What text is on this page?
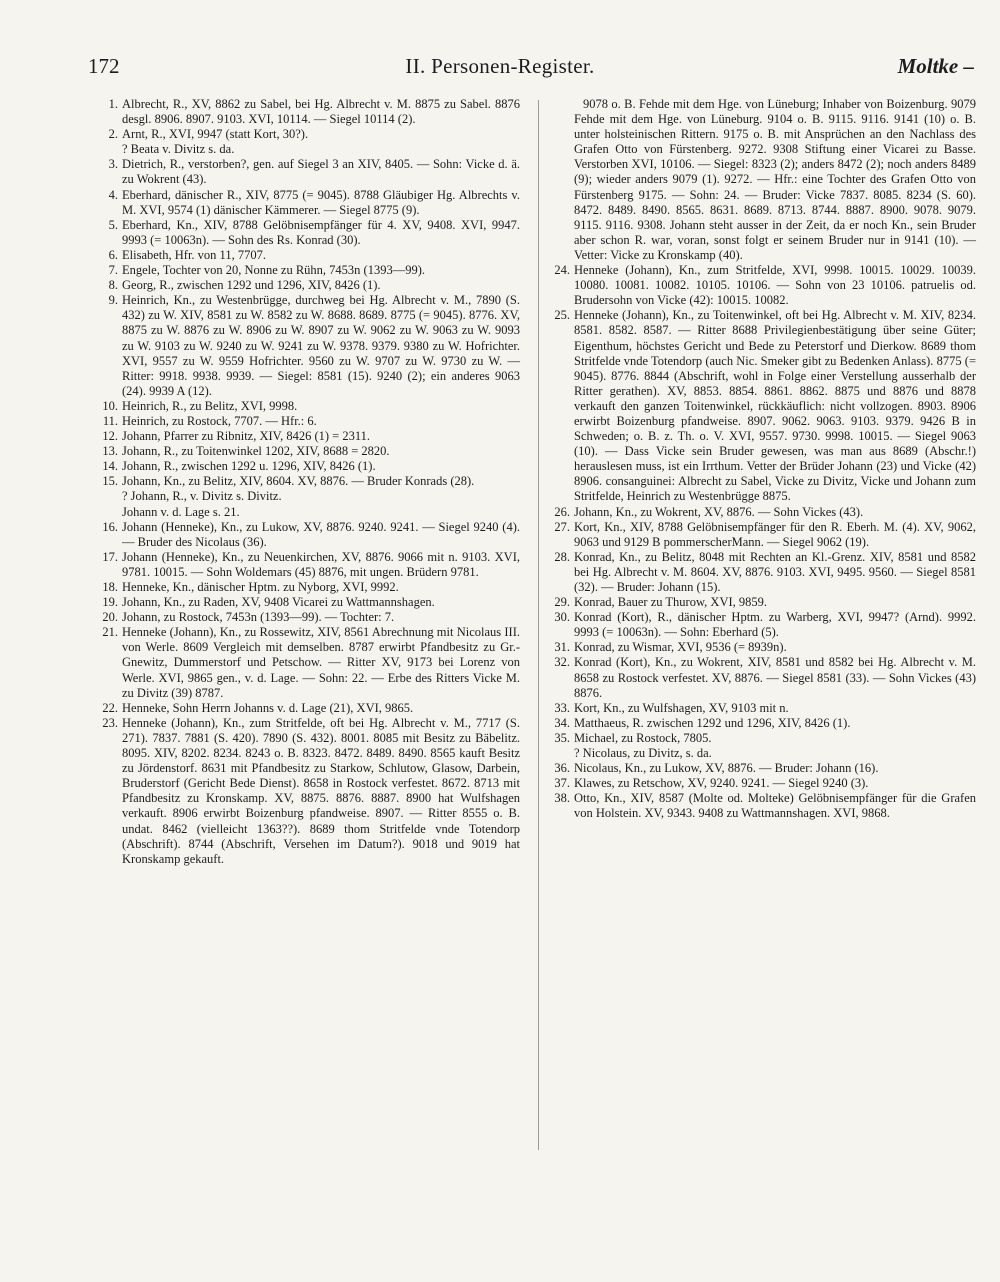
172	II. Personen-Register.	Moltke –
1. Albrecht, R., XV, 8862 zu Sabel, bei Hg. Albrecht v. M. 8875 zu Sabel. 8876 desgl. 8906. 8907. 9103. XVI, 10114. — Siegel 10114 (2).
2. Arnt, R., XVI, 9947 (statt Kort, 30?).
? Beata v. Divitz s. da.
3. Dietrich, R., verstorben?, gen. auf Siegel 3 an XIV, 8405. — Sohn: Vicke d. ä. zu Wokrent (43).
4. Eberhard, dänischer R., XIV, 8775 (= 9045). 8788 Gläubiger Hg. Albrechts v. M. XVI, 9574 (1) dänischer Kämmerer. — Siegel 8775 (9).
5. Eberhard, Kn., XIV, 8788 Gelöbnisempfänger für 4. XV, 9408. XVI, 9947. 9993 (= 10063n). — Sohn des Rs. Konrad (30).
6. Elisabeth, Hfr. von 11, 7707.
7. Engele, Tochter von 20, Nonne zu Rühn, 7453n (1393—99).
8. Georg, R., zwischen 1292 und 1296, XIV, 8426 (1).
9. Heinrich, Kn., zu Westenbrügge, durchweg bei Hg. Albrecht v. M., 7890 (S. 432) zu W. XIV, 8581 zu W. 8582 zu W. 8688. 8689. 8775 (= 9045). 8776. XV, 8875 zu W. 8876 zu W. 8906 zu W. 8907 zu W. 9062 zu W. 9063 zu W. 9093 zu W. 9103 zu W. 9240 zu W. 9241 zu W. 9378. 9379. 9380 zu W. Hofrichter. XVI, 9557 zu W. 9559 Hofrichter. 9560 zu W. 9707 zu W. 9730 zu W. — Ritter: 9918. 9938. 9939. — Siegel: 8581 (15). 9240 (2); ein anderes 9063 (24). 9939 A (12).
10. Heinrich, R., zu Belitz, XVI, 9998.
11. Heinrich, zu Rostock, 7707. — Hfr.: 6.
12. Johann, Pfarrer zu Ribnitz, XIV, 8426 (1) = 2311.
13. Johann, R., zu Toitenwinkel 1202, XIV, 8688 = 2820.
14. Johann, R., zwischen 1292 u. 1296, XIV, 8426 (1).
15. Johann, Kn., zu Belitz, XIV, 8604. XV, 8876. — Bruder Konrads (28).
? Johann, R., v. Divitz s. Divitz.
Johann v. d. Lage s. 21.
16. Johann (Henneke), Kn., zu Lukow, XV, 8876. 9240. 9241. — Siegel 9240 (4). — Bruder des Nicolaus (36).
17. Johann (Henneke), Kn., zu Neuenkirchen, XV, 8876. 9066 mit n. 9103. XVI, 9781. 10015. — Sohn Woldemars (45) 8876, mit ungen. Brüdern 9781.
18. Henneke, Kn., dänischer Hptm. zu Nyborg, XVI, 9992.
19. Johann, Kn., zu Raden, XV, 9408 Vicarei zu Wattmannshagen.
20. Johann, zu Rostock, 7453n (1393—99). — Tochter: 7.
21. Henneke (Johann), Kn., zu Rossewitz, XIV, 8561 Abrechnung mit Nicolaus III. von Werle. 8609 Vergleich mit demselben. 8787 erwirbt Pfandbesitz zu Gr.-Gnewitz, Dummerstorf und Petschow. — Ritter XV, 9173 bei Lorenz von Werle. XVI, 9865 gen., v. d. Lage. — Sohn: 22. — Erbe des Ritters Vicke M. zu Divitz (39) 8787.
22. Henneke, Sohn Herrn Johanns v. d. Lage (21), XVI, 9865.
23. Henneke (Johann), Kn., zum Stritfelde, oft bei Hg. Albrecht v. M., 7717 (S. 271). 7837. 7881 (S. 420). 7890 (S. 432). 8001. 8085 mit Besitz zu Bäbelitz. 8095. XIV, 8202. 8234. 8243 o. B. 8323. 8472. 8489. 8490. 8565 kauft Besitz zu Jördenstorf. 8631 mit Pfandbesitz zu Starkow, Schlutow, Glasow, Darbein, Bruderstorf (Gericht Bede Dienst). 8658 in Rostock verfestet. 8672. 8713 mit Pfandbesitz zu Kronskamp. XV, 8875. 8876. 8887. 8900 hat Wulfshagen verkauft. 8906 erwirbt Boizenburg pfandweise. 8907. — Ritter 8555 o. B. undat. 8462 (vielleicht 1363??). 8689 thom Stritfelde vnde Totendorp (Abschrift). 8744 (Abschrift, Versehen im Datum?). 9018 und 9019 hat Kronskamp gekauft.
9078 o. B. Fehde mit dem Hge. von Lüneburg; Inhaber von Boizenburg. 9079 Fehde mit dem Hge. von Lüneburg. 9104 o. B. 9115. 9116. 9141 (10) o. B. unter holsteinischen Rittern. 9175 o. B. mit Ansprüchen an den Nachlass des Grafen Otto von Fürstenberg. 9272. 9308 Stiftung einer Vicarei zu Basse. Verstorben XVI, 10106. — Siegel: 8323 (2); anders 8472 (2); noch anders 8489 (9); wieder anders 9079 (1). 9272. — Hfr.: eine Tochter des Grafen Otto von Fürstenberg 9175. — Sohn: 24. — Bruder: Vicke 7837. 8085. 8234 (S. 60). 8472. 8489. 8490. 8565. 8631. 8689. 8713. 8744. 8887. 8900. 9078. 9079. 9115. 9116. 9308. Johann steht ausser in der Zeit, da er noch Kn., sein Bruder aber schon R. war, voran, sonst folgt er seinem Bruder nur in 9141 (10). — Vetter: Vicke zu Kronskamp (40).
24. Henneke (Johann), Kn., zum Stritfelde, XVI, 9998. 10015. 10029. 10039. 10080. 10081. 10082. 10105. 10106. — Sohn von 23 10106. patruelis od. Brudersohn von Vicke (42): 10015. 10082.
25. Henneke (Johann), Kn., zu Toitenwinkel, oft bei Hg. Albrecht v. M. XIV, 8234. 8581. 8582. 8587. — Ritter 8688 Privilegienbestätigung über seine Güter; Eigenthum, höchstes Gericht und Bede zu Peterstorf und Dierkow. 8689 thom Stritfelde vnde Totendorp (auch Nic. Smeker gibt zu Bedenken Anlass). 8775 (= 9045). 8776. 8844 (Abschrift, wohl in Folge einer Verstellung ausserhalb der Ritter gerathen). XV, 8853. 8854. 8861. 8862. 8875 und 8876 und 8878 verkauft den ganzen Toitenwinkel, rückkäuflich: nicht vollzogen. 8903. 8906 erwirbt Boizenburg pfandweise. 8907. 9062. 9063. 9103. 9379. 9426 B in Schweden; o. B. z. Th. o. V. XVI, 9557. 9730. 9998. 10015. — Siegel 9063 (10). — Dass Vicke sein Bruder gewesen, was man aus 8689 (Abschr.!) herauslesen muss, ist ein Irrthum. Vetter der Brüder Johann (23) und Vicke (42) 8906. consanguinei: Albrecht zu Sabel, Vicke zu Divitz, Vicke und Johann zum Stritfelde, Heinrich zu Westenbrügge 8875.
26. Johann, Kn., zu Wokrent, XV, 8876. — Sohn Vickes (43).
27. Kort, Kn., XIV, 8788 Gelöbnisempfänger für den R. Eberh. M. (4). XV, 9062, 9063 und 9129 B pommerscherMann. — Siegel 9062 (19).
28. Konrad, Kn., zu Belitz, 8048 mit Rechten an Kl.-Grenz. XIV, 8581 und 8582 bei Hg. Albrecht v. M. 8604. XV, 8876. 9103. XVI, 9495. 9560. — Siegel 8581 (32). — Bruder: Johann (15).
29. Konrad, Bauer zu Thurow, XVI, 9859.
30. Konrad (Kort), R., dänischer Hptm. zu Warberg, XVI, 9947? (Arnd). 9992. 9993 (= 10063n). — Sohn: Eberhard (5).
31. Konrad, zu Wismar, XVI, 9536 (= 8939n).
32. Konrad (Kort), Kn., zu Wokrent, XIV, 8581 und 8582 bei Hg. Albrecht v. M. 8658 zu Rostock verfestet. XV, 8876. — Siegel 8581 (33). — Sohn Vickes (43) 8876.
33. Kort, Kn., zu Wulfshagen, XV, 9103 mit n.
34. Matthaeus, R. zwischen 1292 und 1296, XIV, 8426 (1).
35. Michael, zu Rostock, 7805.
? Nicolaus, zu Divitz, s. da.
36. Nicolaus, Kn., zu Lukow, XV, 8876. — Bruder: Johann (16).
37. Klawes, zu Retschow, XV, 9240. 9241. — Siegel 9240 (3).
38. Otto, Kn., XIV, 8587 (Molte od. Molteke) Gelöbnisempfänger für die Grafen von Holstein. XV, 9343. 9408 zu Wattmannshagen. XVI, 9868.
